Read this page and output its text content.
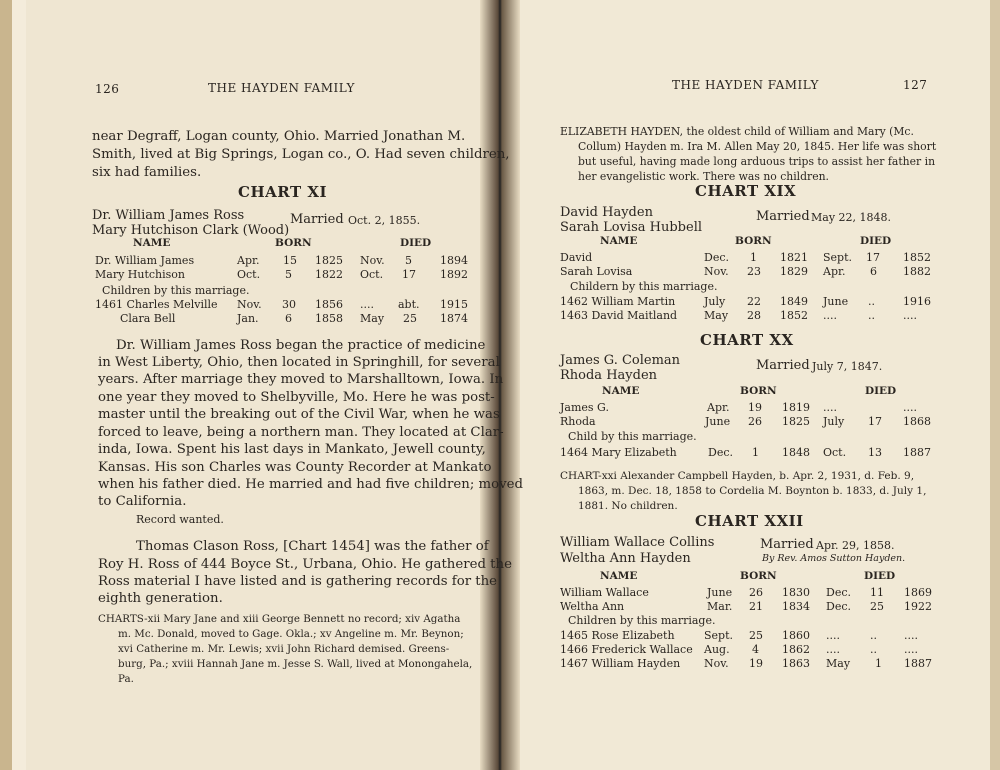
126	THE HAYDEN FAMILY
near Degraff, Logan county, Ohio. Married Jonathan M.
Smith, lived at Big Springs, Logan co., O. Had seven children,
six had families.
CHART XI
Dr. William James Ross
Mary Hutchison Clark (Wood)
Married Oct. 2, 1855.
NAME	BORN	DIED
Dr. William James	Apr. 15 1825 Nov. 5	1894
Mary Hutchison	Oct. 5 1822 Oct. 17 1892
Children by this marriage.
1461 Charles Melville Nov. 30 1856 .... abt. 1915
Clara Bell	Jan. 6 1858 May 25 1874
Dr. William James Ross began the practice of medicine
in West Liberty, Ohio, then located in Springhill, for several
years. After marriage they moved to Marshalltown, Iowa. In
one year they moved to Shelbyville, Mo. Here he was post-
master until the breaking out of the Civil War, when he was
forced to leave, being a northern man. They located at Clar-
inda, Iowa. Spent his last days in Mankato, Jewell county,
Kansas. His son Charles was County Recorder at Mankato
when his father died. He married and had five children; moved
to California.
Record wanted.
Thomas Clason Ross, [Chart 1454] was the father of
Roy H. Ross of 444 Boyce St., Urbana, Ohio. He gathered the
Ross material I have listed and is gathering records for the
eighth generation.
CHARTS-xii Mary Jane and xiii George Bennett no record; xiv Agatha
m. Mc. Donald, moved to Gage. Okla.; xv Angeline m. Mr. Beynon;
xvi Catherine m. Mr. Lewis; xvii John Richard demised. Greens-
burg, Pa.; xviii Hannah Jane m. Jesse S. Wall, lived at Monongahela,
Pa.
THE HAYDEN FAMILY	127
ELIZABETH HAYDEN, the oldest child of William and Mary (Mc.
Collum) Hayden m. Ira M. Allen May 20, 1845. Her life was short
but useful, having made long arduous trips to assist her father in
her evangelistic work. There was no children.
CHART XIX
David Hayden
Sarah Lovisa Hubbell
Married May 22, 1848.
NAME	BORN	DIED
David	Dec. 1 1821 Sept. 17 1852
Sarah Lovisa	Nov. 23 1829 Apr. 6 1882
Childern by this marriage.
1462 William Martin	July 22 1849 June ..	1916
1463 David Maitland May 28 1852 ....	..	....
CHART XX
James G. Coleman
Rhoda Hayden
Married July 7, 1847.
NAME	BORN	DIED
James G.	Apr. 19 1819 ....	....
Rhoda	June 26 1825 July 17 1868
Child by this marriage.
1464 Mary Elizabeth	Dec. 1 1848 Oct. 13 1887
CHART-xxi Alexander Campbell Hayden, b. Apr. 2, 1931, d. Feb. 9,
1863, m. Dec. 18, 1858 to Cordelia M. Boynton b. 1833, d. July 1,
1881. No children.
CHART XXII
William Wallace Collins
Weltha Ann Hayden
Married Apr. 29, 1858.
By Rev. Amos Sutton Hayden.
NAME	BORN	DIED
William Wallace	June 26 1830 Dec. 11 1869
Weltha Ann	Mar. 21 1834 Dec. 25 1922
Children by this marriage.
1465 Rose Elizabeth	Sept. 25 1860 ....	.. ....
1466 Frederick Wallace Aug. 4 1862 ....	.. ....
1467 William Hayden Nov. 19 1863 May 1 1887
